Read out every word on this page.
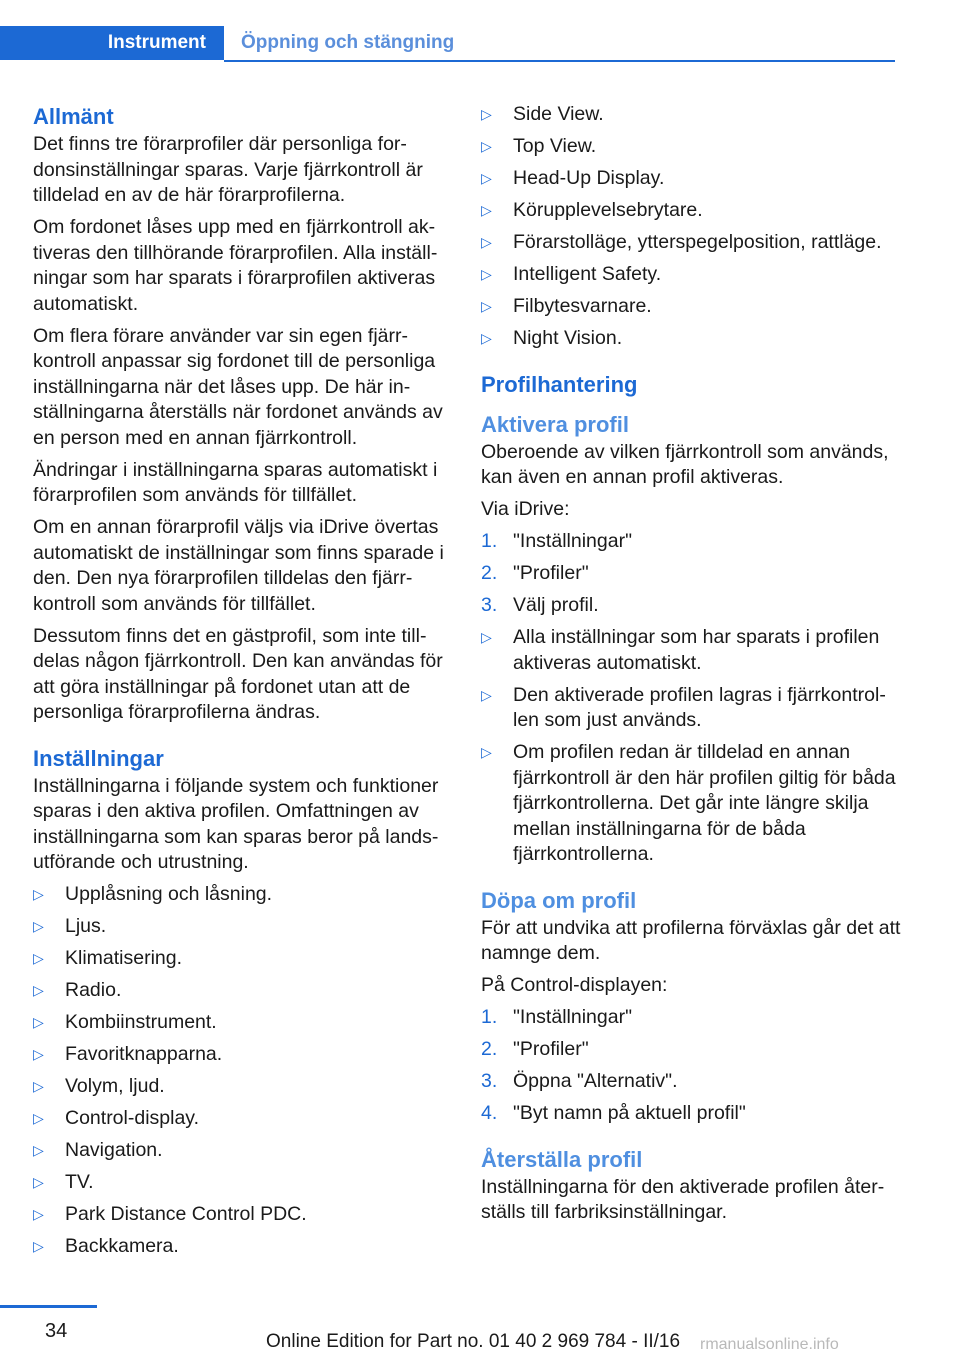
Instrument	Öppning och stängning
Allmänt

Det finns tre förarprofiler där personliga fordonsinställningar sparas. Varje fjärrkontroll är tilldelad en av de här förarprofilerna.

Om fordonet låses upp med en fjärrkontroll aktiveras den tillhörande förarprofilen. Alla inställningar som har sparats i förarprofilen aktiveras automatiskt.

Om flera förare använder var sin egen fjärrkontroll anpassar sig fordonet till de personliga inställningarna när det låses upp. De här inställningarna återställs när fordonet används av en person med en annan fjärrkontroll.

Ändringar i inställningarna sparas automatiskt i förarprofilen som används för tillfället.

Om en annan förarprofil väljs via iDrive övertas automatiskt de inställningar som finns sparade i den. Den nya förarprofilen tilldelas den fjärrkontroll som används för tillfället.

Dessutom finns det en gästprofil, som inte tilldelas någon fjärrkontroll. Den kan användas för att göra inställningar på fordonet utan att de personliga förarprofilerna ändras.

Inställningar

Inställningarna i följande system och funktioner sparas i den aktiva profilen. Omfattningen av inställningarna som kan sparas beror på landsutförande och utrustning.

▷	Upplåsning och låsning.
▷	Ljus.
▷	Klimatisering.
▷	Radio.
▷	Kombiinstrument.
▷	Favoritknapparna.
▷	Volym, ljud.
▷	Control-display.
▷	Navigation.
▷	TV.
▷	Park Distance Control PDC.
▷	Backkamera.
▷	Side View.
▷	Top View.
▷	Head-Up Display.
▷	Körupplevelsebrytare.
▷	Förarstolläge, ytterspegelposition, rattläge.
▷	Intelligent Safety.
▷	Filbytesvarnare.
▷	Night Vision.
Profilhantering
Aktivera profil

Oberoende av vilken fjärrkontroll som används, kan även en annan profil aktiveras.

Via iDrive:

1. "Inställningar"
2. "Profiler"
3. Välj profil.
▷	Alla inställningar som har sparats i profilen aktiveras automatiskt.
▷	Den aktiverade profilen lagras i fjärrkontrollen som just används.
▷	Om profilen redan är tilldelad en annan fjärrkontroll är den här profilen giltig för båda fjärrkontrollerna. Det går inte längre skilja mellan inställningarna för de båda fjärrkontrollerna.
Döpa om profil

För att undvika att profilerna förväxlas går det att namnge dem.

På Control-displayen:

1. "Inställningar"
2. "Profiler"
3. Öppna "Alternativ".
4. "Byt namn på aktuell profil"
Återställa profil

Inställningarna för den aktiverade profilen återställs till farbriksinställningar.

34	Online Edition for Part no. 01 40 2 969 784 - II/16 rmanualsonline.info
